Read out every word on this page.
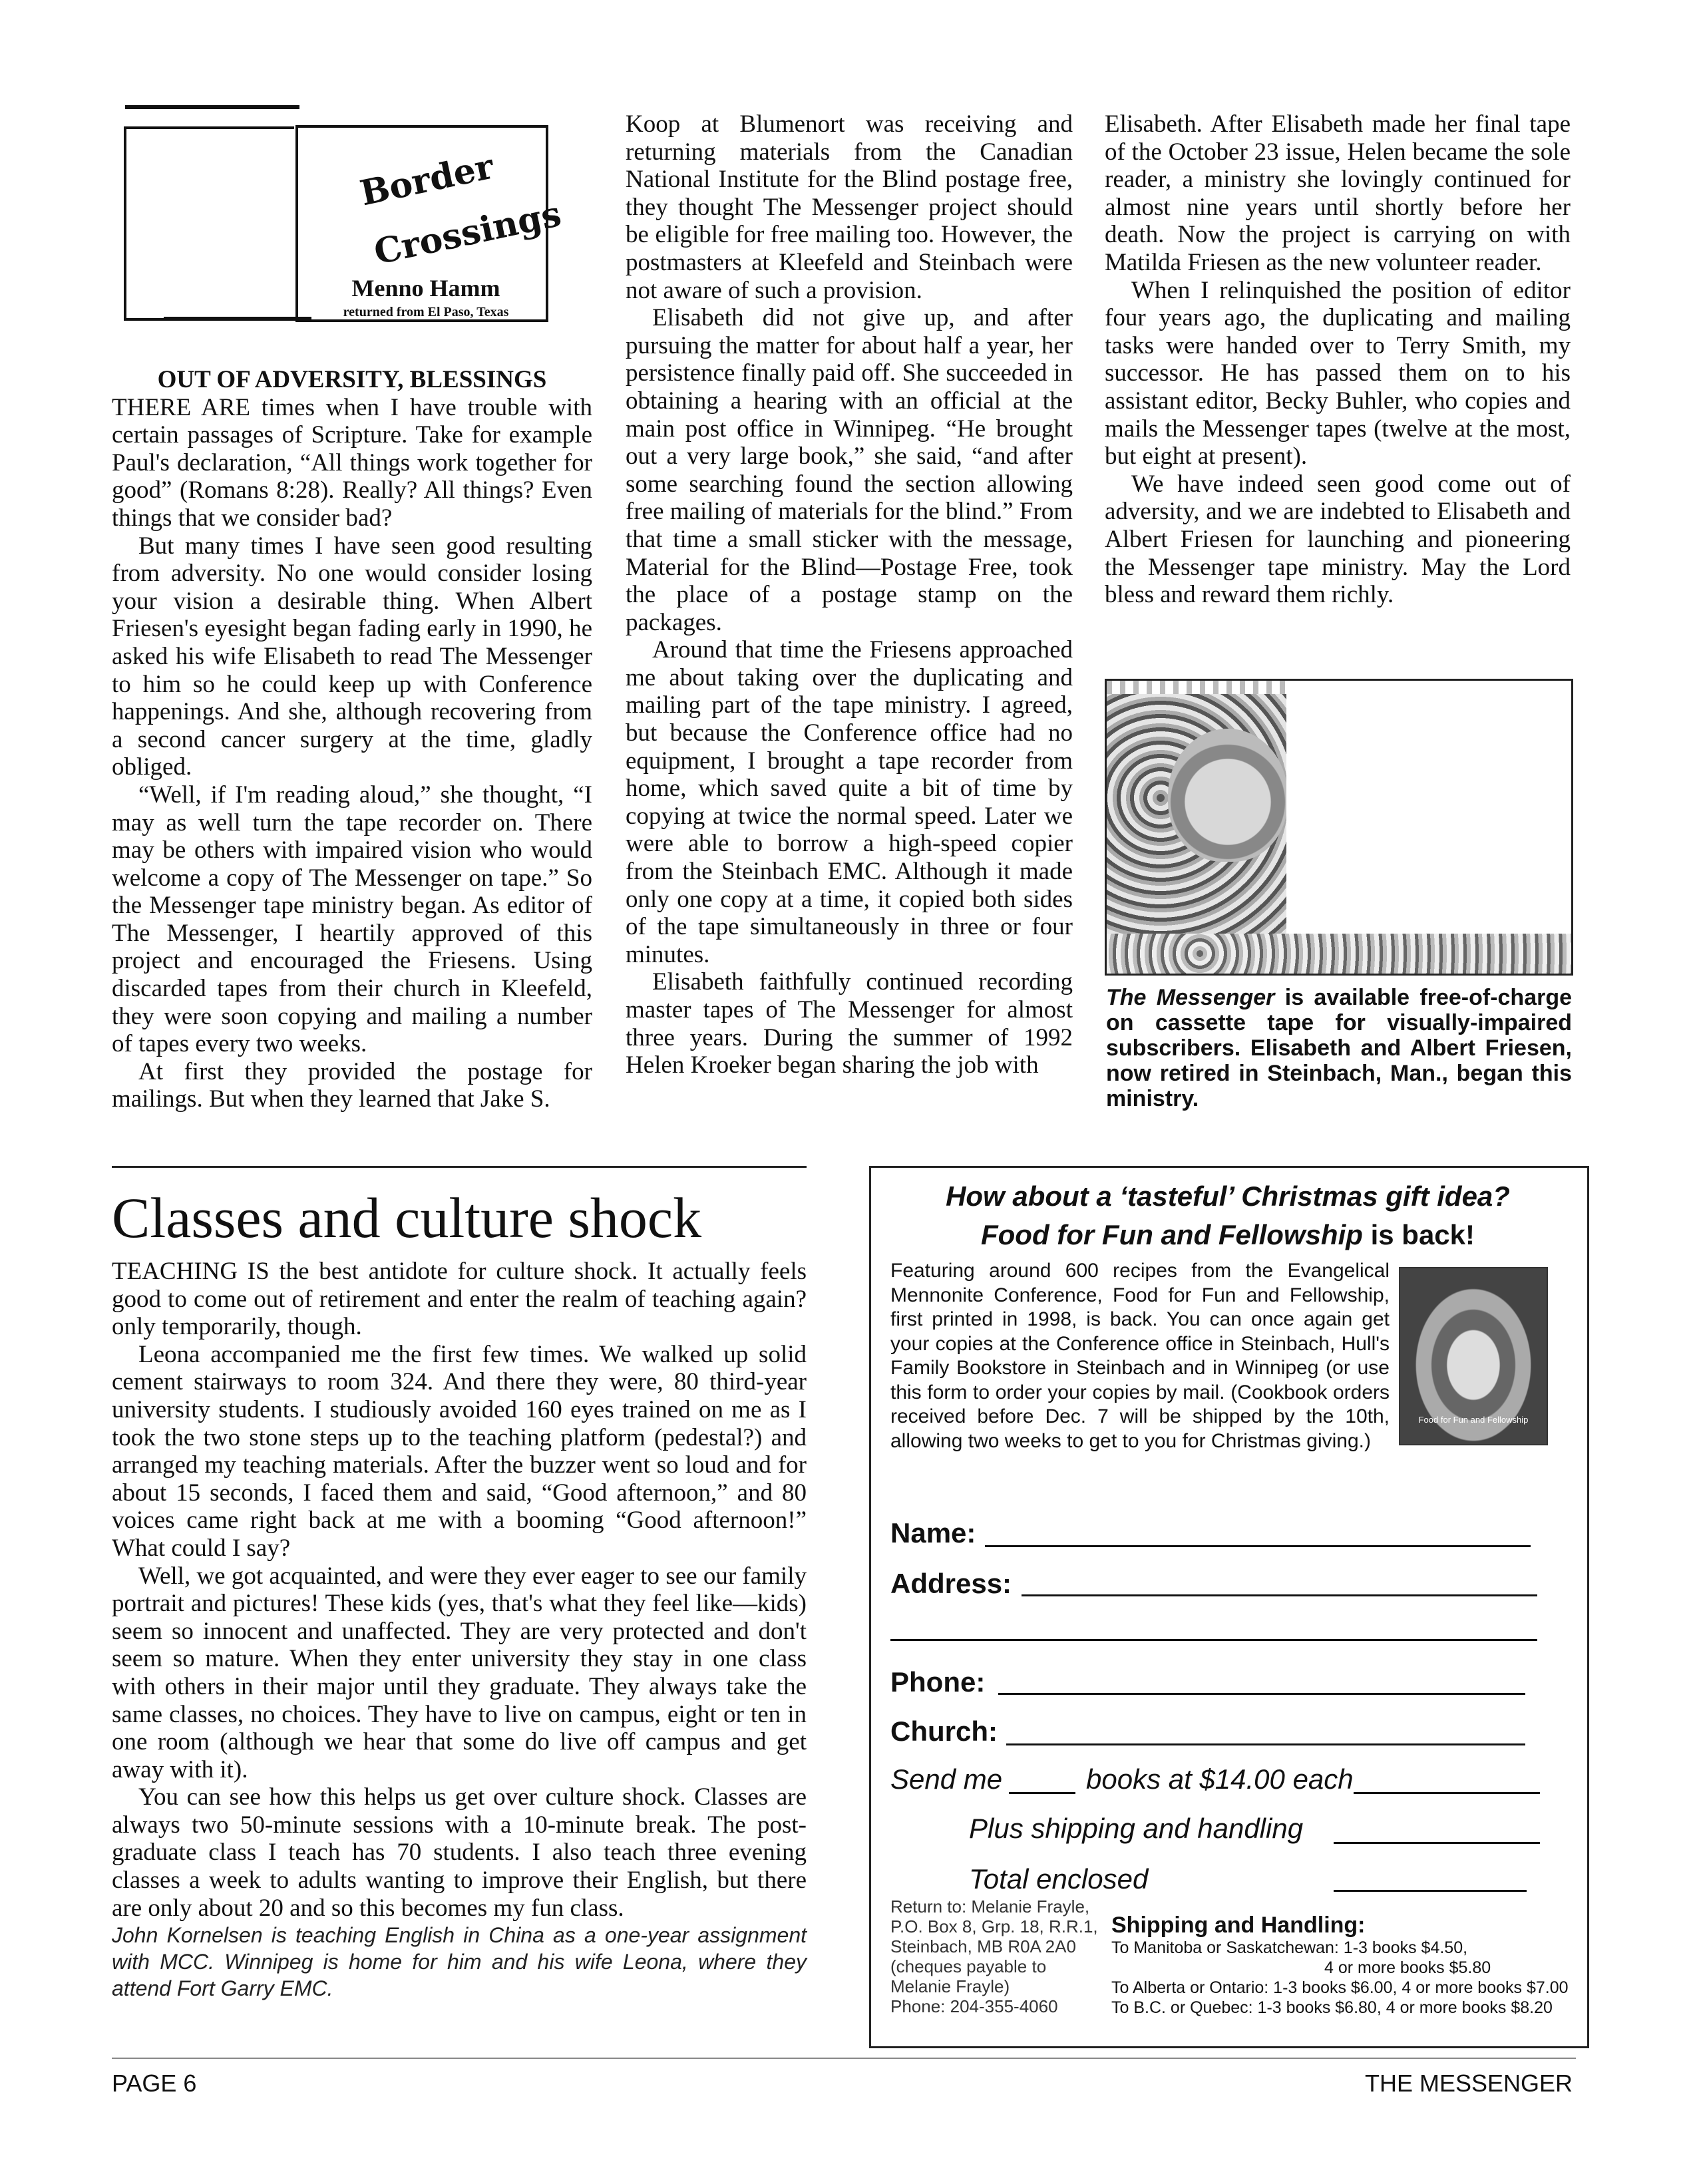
Border
Crossings
Menno Hamm
returned from El Paso, Texas

OUT OF ADVERSITY, BLESSINGS

THERE ARE times when I have trouble with certain passages of Scripture. Take for example Paul's declaration, “All things work together for good” (Romans 8:28). Really? All things? Even things that we consider bad?

But many times I have seen good resulting from adversity. No one would consider losing your vision a desirable thing. When Albert Friesen's eyesight began fading early in 1990, he asked his wife Elisabeth to read The Messenger to him so he could keep up with Conference happenings. And she, although recovering from a second cancer surgery at the time, gladly obliged.

“Well, if I'm reading aloud,” she thought, “I may as well turn the tape recorder on. There may be others with impaired vision who would welcome a copy of The Messenger on tape.” So the Messenger tape ministry began. As editor of The Messenger, I heartily approved of this project and encouraged the Friesens. Using discarded tapes from their church in Kleefeld, they were soon copying and mailing a number of tapes every two weeks.

At first they provided the postage for mailings. But when they learned that Jake S.

Koop at Blumenort was receiving and returning materials from the Canadian National Institute for the Blind postage free, they thought The Messenger project should be eligible for free mailing too. However, the postmasters at Kleefeld and Steinbach were not aware of such a provision.

Elisabeth did not give up, and after pursuing the matter for about half a year, her persistence finally paid off. She succeeded in obtaining a hearing with an official at the main post office in Winnipeg. “He brought out a very large book,” she said, “and after some searching found the section allowing free mailing of materials for the blind.” From that time a small sticker with the message, Material for the Blind—Postage Free, took the place of a postage stamp on the packages.

Around that time the Friesens approached me about taking over the duplicating and mailing part of the tape ministry. I agreed, but because the Conference office had no equipment, I brought a tape recorder from home, which saved quite a bit of time by copying at twice the normal speed. Later we were able to borrow a high-speed copier from the Steinbach EMC. Although it made only one copy at a time, it copied both sides of the tape simultaneously in three or four minutes.

Elisabeth faithfully continued recording master tapes of The Messenger for almost three years. During the summer of 1992 Helen Kroeker began sharing the job with

Elisabeth. After Elisabeth made her final tape of the October 23 issue, Helen became the sole reader, a ministry she lovingly continued for almost nine years until shortly before her death. Now the project is carrying on with Matilda Friesen as the new volunteer reader.

When I relinquished the position of editor four years ago, the duplicating and mailing tasks were handed over to Terry Smith, my successor. He has passed them on to his assistant editor, Becky Buhler, who copies and mails the Messenger tapes (twelve at the most, but eight at present).

We have indeed seen good come out of adversity, and we are indebted to Elisabeth and Albert Friesen for launching and pioneering the Messenger tape ministry. May the Lord bless and reward them richly.

The Messenger is available free-of-charge on cassette tape for visually-impaired subscribers. Elisabeth and Albert Friesen, now retired in Steinbach, Man., began this ministry.
Classes and culture shock

TEACHING IS the best antidote for culture shock. It actually feels good to come out of retirement and enter the realm of teaching again?only temporarily, though.

Leona accompanied me the first few times. We walked up solid cement stairways to room 324. And there they were, 80 third-year university students. I studiously avoided 160 eyes trained on me as I took the two stone steps up to the teaching platform (pedestal?) and arranged my teaching materials. After the buzzer went so loud and for about 15 seconds, I faced them and said, “Good afternoon,” and 80 voices came right back at me with a booming “Good afternoon!” What could I say?

Well, we got acquainted, and were they ever eager to see our family portrait and pictures! These kids (yes, that's what they feel like—kids) seem so innocent and unaffected. They are very protected and don't seem so mature. When they enter university they stay in one class with others in their major until they graduate. They always take the same classes, no choices. They have to live on campus, eight or ten in one room (although we hear that some do live off campus and get away with it).

You can see how this helps us get over culture shock. Classes are always two 50-minute sessions with a 10-minute break. The post-graduate class I teach has 70 students. I also teach three evening classes a week to adults wanting to improve their English, but there are only about 20 and so this becomes my fun class.

John Kornelsen is teaching English in China as a one-year assignment with MCC. Winnipeg is home for him and his wife Leona, where they attend Fort Garry EMC.

How about a ‘tasteful’ Christmas gift idea?
Food for Fun and Fellowship is back!
Featuring around 600 recipes from the Evangelical Mennonite Conference, Food for Fun and Fellowship, first printed in 1998, is back. You can once again get your copies at the Conference office in Steinbach, Hull's Family Bookstore in Steinbach and in Winnipeg (or use this form to order your copies by mail. (Cookbook orders received before Dec. 7 will be shipped by the 10th, allowing two weeks to get to you for Christmas giving.)
Food for Fun and Fellowship
Name:
Address:
Phone:
Church:
Send me	books at $14.00 each
Plus shipping and handling
Total enclosed
Return to: Melanie Frayle,
P.O. Box 8, Grp. 18, R.R.1,
Steinbach, MB R0A 2A0
(cheques payable to
Melanie Frayle)
Phone: 204-355-4060
Shipping and Handling:
To Manitoba or Saskatchewan: 1-3 books $4.50,
4 or more books $5.80
To Alberta or Ontario: 1-3 books $6.00, 4 or more books $7.00
To B.C. or Quebec: 1-3 books $6.80, 4 or more books $8.20
PAGE 6	THE MESSENGER
